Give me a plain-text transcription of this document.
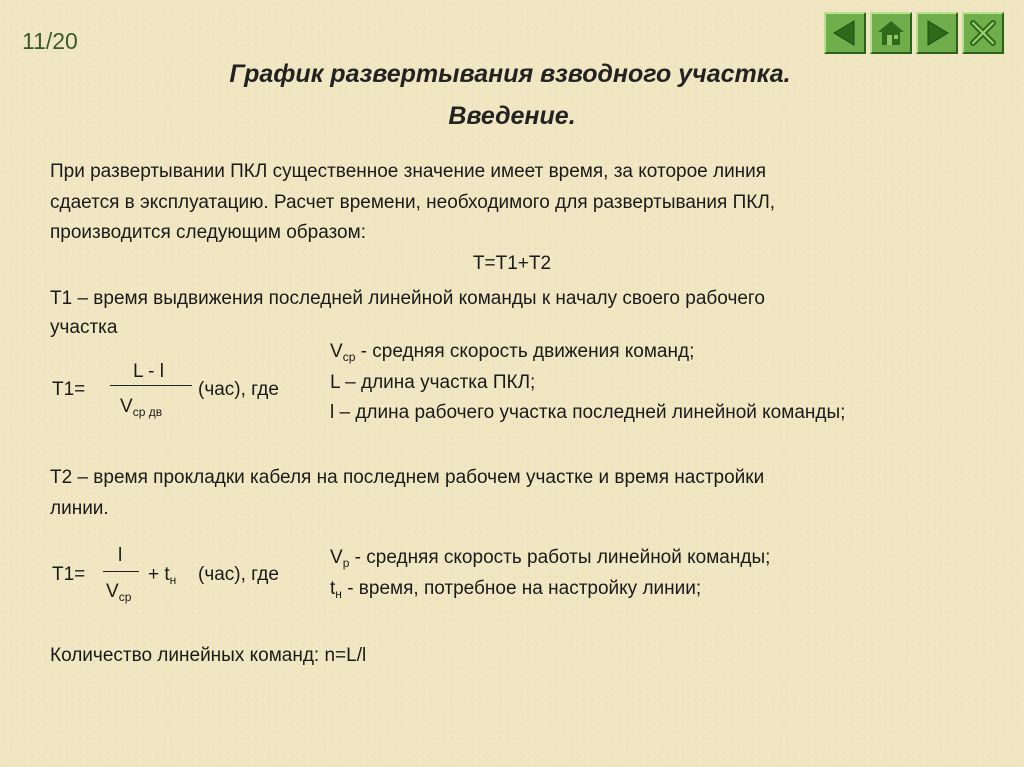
11/20
График развертывания взводного участка.
Введение.
При развертывании ПКЛ существенное значение имеет время, за которое линия
сдается в эксплуатацию. Расчет времени, необходимого для развертывания ПКЛ,
производится следующим образом:
Т=Т1+Т2
Т1 – время выдвижения последней линейной команды к началу своего рабочего
участка
Т1=
L - l
$V_{ср дв}$
(час), где
$V_{ср}$ - средняя скорость движения команд;
L – длина участка ПКЛ;
l – длина рабочего участка последней линейной команды;
Т2 – время прокладки кабеля на последнем рабочем участке и время настройки
линии.
Т1=
l
$V_{ср}$
+ $t_н$ (час), где
$V_р$ - средняя скорость работы линейной команды;
$t_н$ - время, потребное на настройку линии;
Количество линейных команд: n=L/l
